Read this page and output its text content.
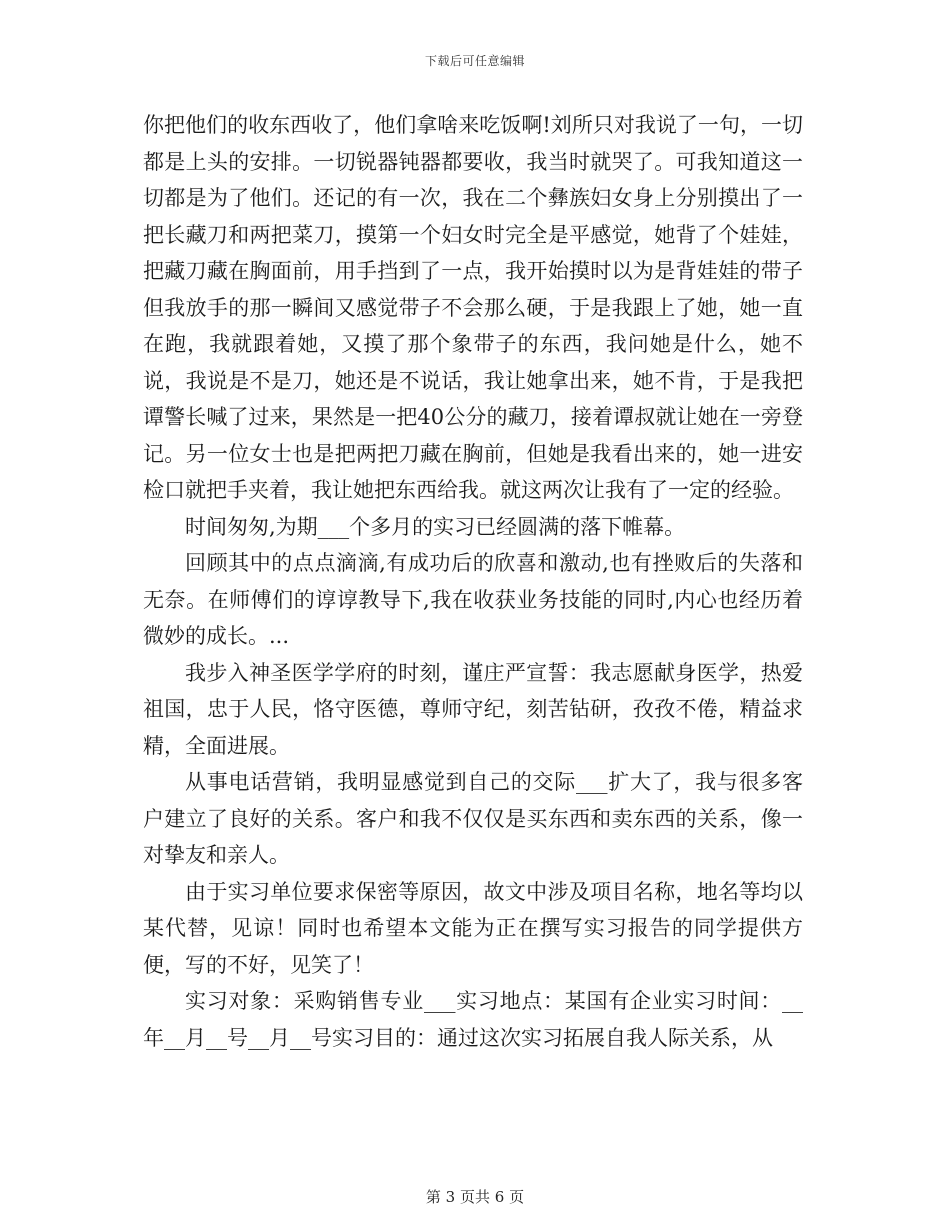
下载后可任意编辑

你把他们的收东西收了，他们拿啥来吃饭啊!刘所只对我说了一句，一切都是上头的安排。一切锐器钝器都要收，我当时就哭了。可我知道这一切都是为了他们。还记的有一次，我在二个彝族妇女身上分别摸出了一把长藏刀和两把菜刀，摸第一个妇女时完全是平感觉，她背了个娃娃，把藏刀藏在胸面前，用手挡到了一点，我开始摸时以为是背娃娃的带子但我放手的那一瞬间又感觉带子不会那么硬，于是我跟上了她，她一直在跑，我就跟着她，又摸了那个象带子的东西，我问她是什么，她不说，我说是不是刀，她还是不说话，我让她拿出来，她不肯，于是我把谭警长喊了过来，果然是一把40公分的藏刀，接着谭叔就让她在一旁登记。另一位女士也是把两把刀藏在胸前，但她是我看出来的，她一进安检口就把手夹着，我让她把东西给我。就这两次让我有了一定的经验。

时间匆匆,为期___个多月的实习已经圆满的落下帷幕。

回顾其中的点点滴滴,有成功后的欣喜和激动,也有挫败后的失落和无奈。在师傅们的谆谆教导下,我在收获业务技能的同时,内心也经历着微妙的成长。...

我步入神圣医学学府的时刻，谨庄严宣誓：我志愿献身医学，热爱祖国，忠于人民，恪守医德，尊师守纪，刻苦钻研，孜孜不倦，精益求精，全面进展。

从事电话营销，我明显感觉到自己的交际___扩大了，我与很多客户建立了良好的关系。客户和我不仅仅是买东西和卖东西的关系，像一对挚友和亲人。

由于实习单位要求保密等原因，故文中涉及项目名称，地名等均以某代替，见谅！同时也希望本文能为正在撰写实习报告的同学提供方便，写的不好，见笑了！

实习对象：采购销售专业___实习地点：某国有企业实习时间：__年__月__号__月__号实习目的：通过这次实习拓展自我人际关系，从

第 3 页共 6 页
